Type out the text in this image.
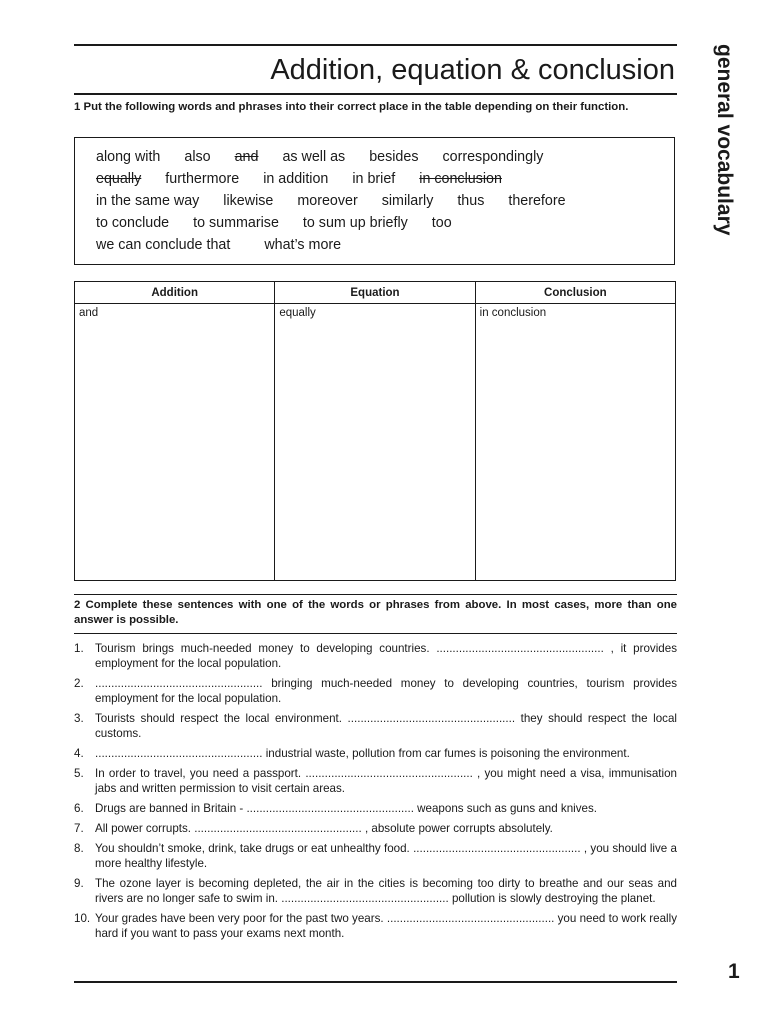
Addition, equation & conclusion general vocabulary

1 Put the following words and phrases into their correct place in the table depending on their function.

along with also and as well as besides correspondingly
equally furthermore in addition in brief in conclusion
in the same way likewise moreover similarly thus therefore
to conclude to summarise to sum up briefly too
we can conclude that what’s more
Addition	Equation	Conclusion
and	equally	in conclusion

2 Complete these sentences with one of the words or phrases from above. In most cases, more than one answer is possible.

1. Tourism brings much-needed money to developing countries. .................................................... , it provides employment for the local population.
2. .................................................... bringing much-needed money to developing countries, tourism provides employment for the local population.
3. Tourists should respect the local environment. .................................................... they should respect the local customs.
4. .................................................... industrial waste, pollution from car fumes is poisoning the environment.
5. In order to travel, you need a passport. .................................................... , you might need a visa, immunisation jabs and written permission to visit certain areas.
6. Drugs are banned in Britain - .................................................... weapons such as guns and knives.
7. All power corrupts. .................................................... , absolute power corrupts absolutely.
8. You shouldn’t smoke, drink, take drugs or eat unhealthy food. .................................................... , you should live a more healthy lifestyle.
9. The ozone layer is becoming depleted, the air in the cities is becoming too dirty to breathe and our seas and rivers are no longer safe to swim in. .................................................... pollution is slowly destroying the planet.
10. Your grades have been very poor for the past two years. .................................................... you need to work really hard if you want to pass your exams next month.
1
